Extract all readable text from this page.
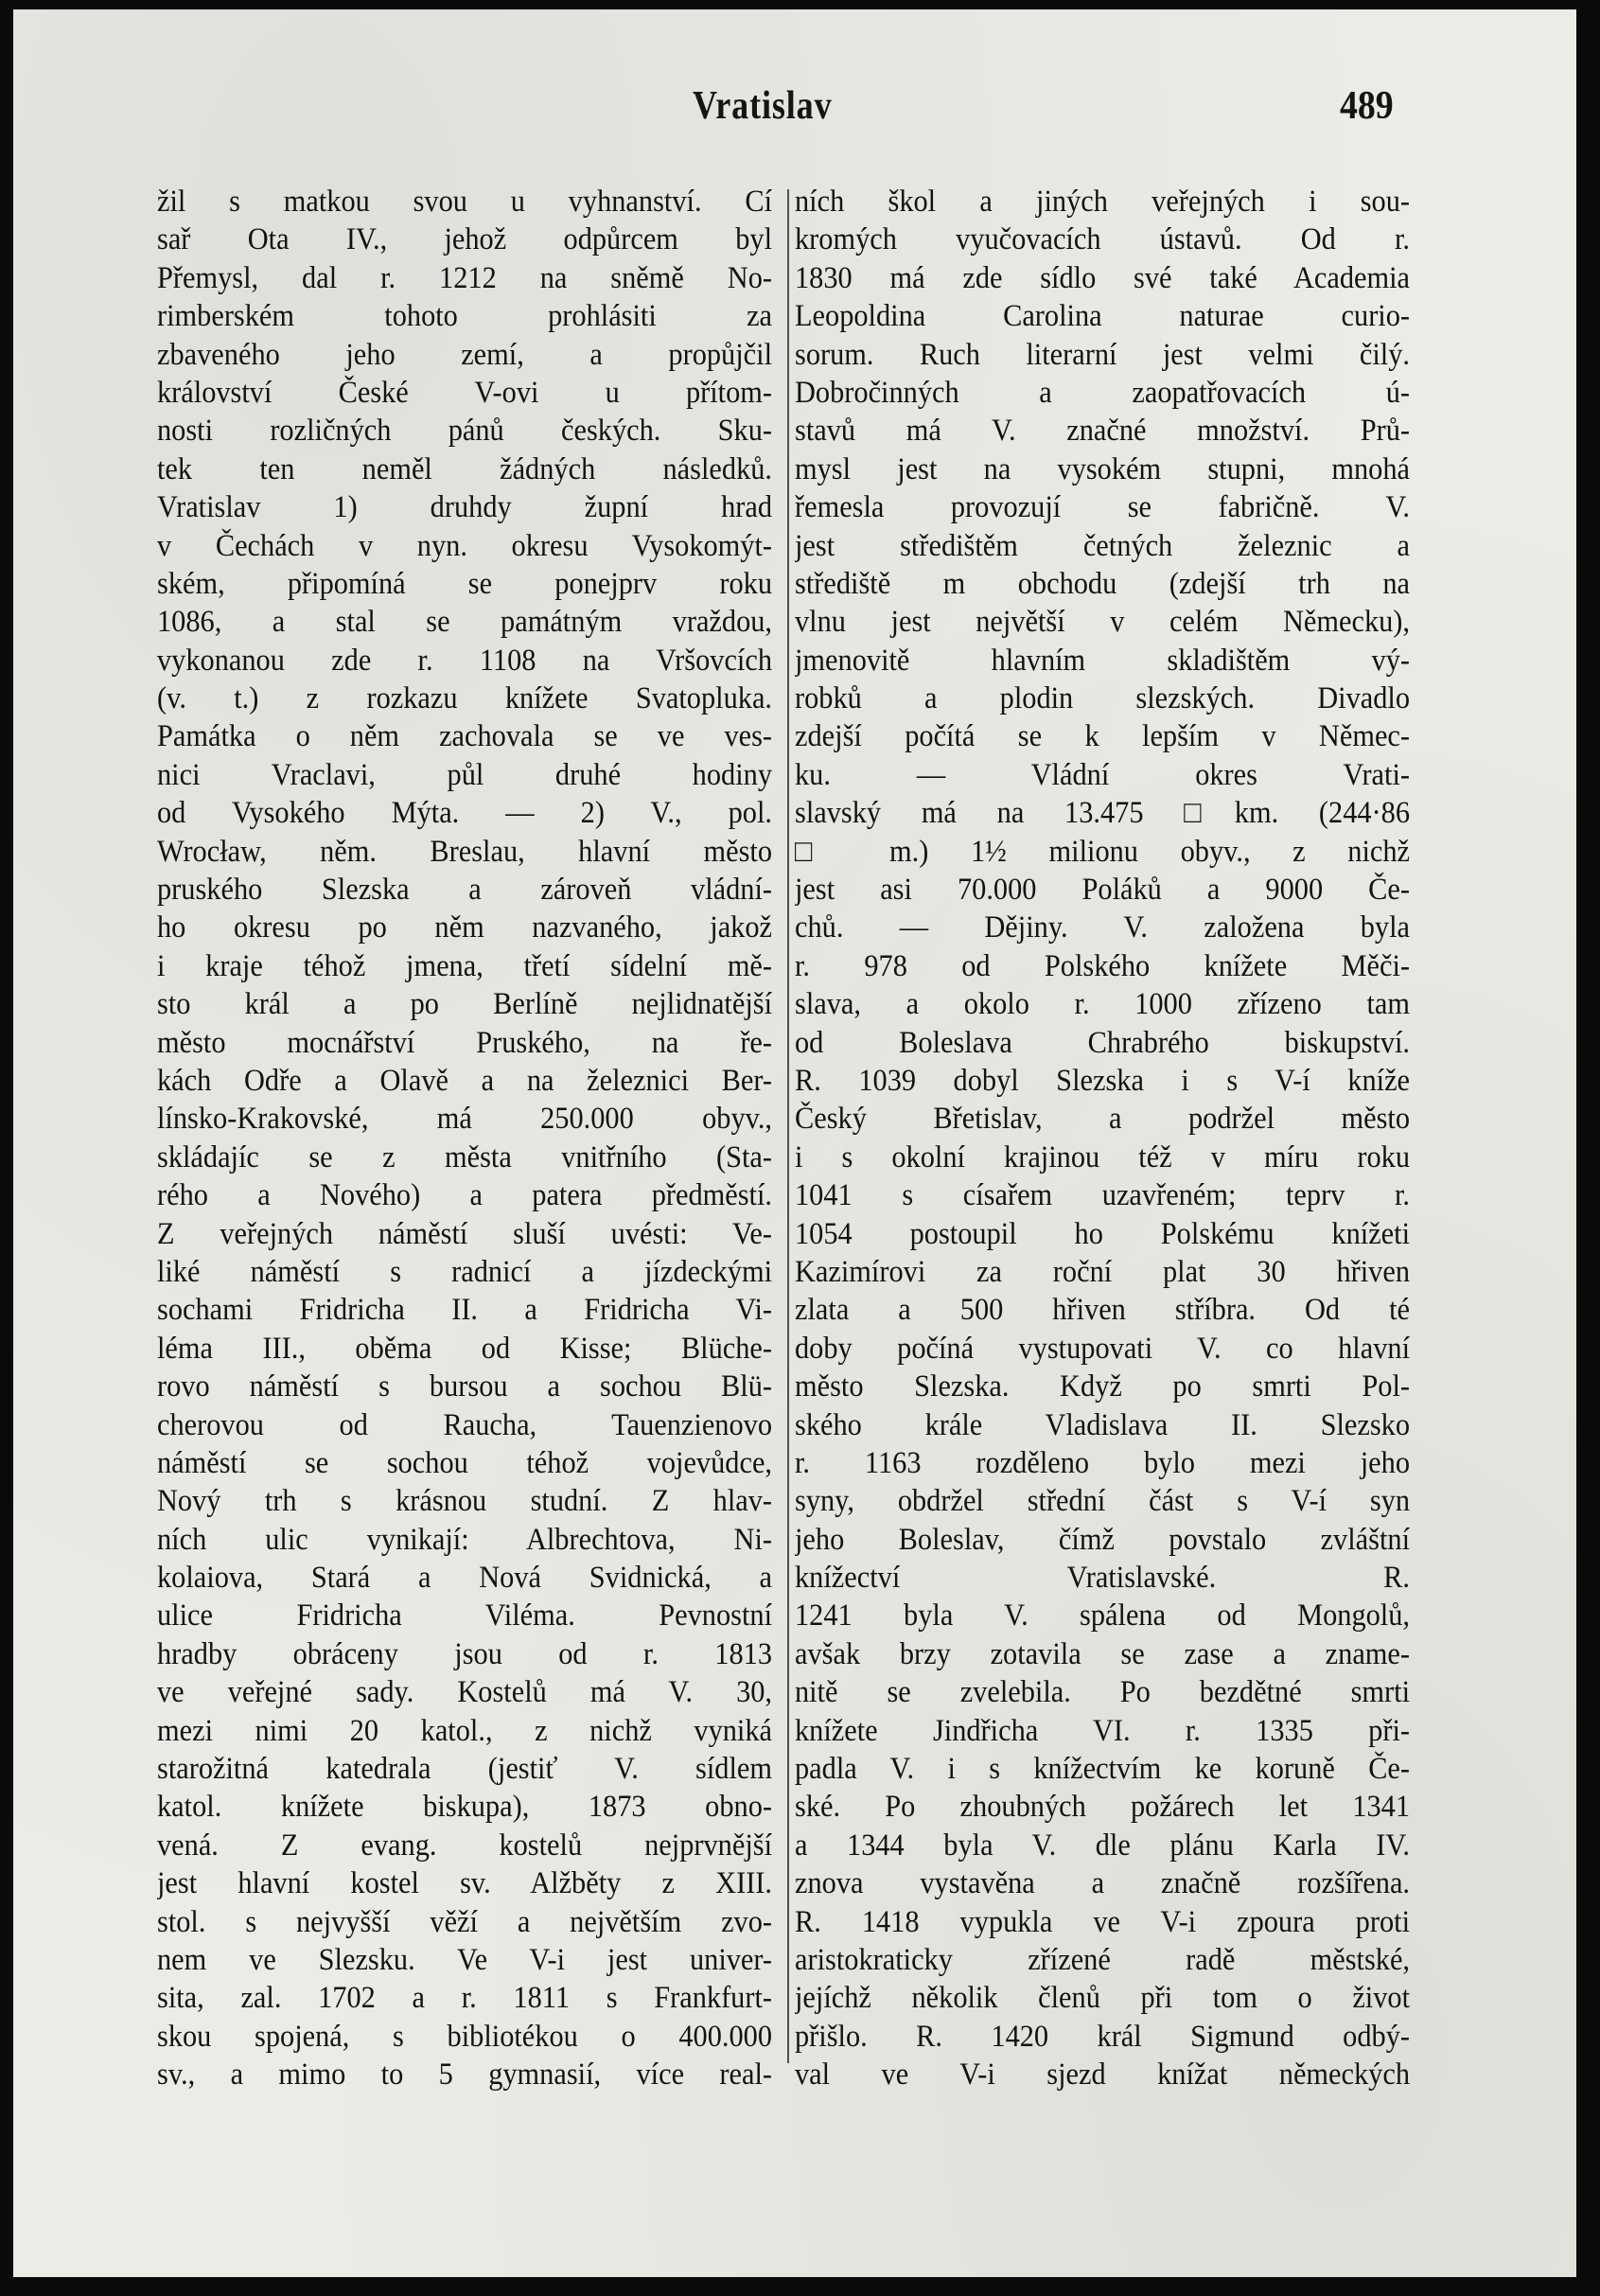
Vratislav	489
žil s matkou svou u vyhnanství. Cí
sař Ota IV., jehož odpůrcem byl
Přemysl, dal r. 1212 na sněmě No-
rimberském tohoto prohlásiti za
zbaveného jeho zemí, a propůjčil
království České V-ovi u přítom-
nosti rozličných pánů českých. Sku-
tek ten neměl žádných následků.
Vratislav 1) druhdy župní hrad
v Čechách v nyn. okresu Vysokomýt-
ském, připomíná se ponejprv roku
1086, a stal se památným vraždou,
vykonanou zde r. 1108 na Vršovcích
(v. t.) z rozkazu knížete Svatopluka.
Památka o něm zachovala se ve ves-
nici Vraclavi, půl druhé hodiny
od Vysokého Mýta. — 2) V., pol.
Wrocław, něm. Breslau, hlavní město
pruského Slezska a zároveň vládní-
ho okresu po něm nazvaného, jakož
i kraje téhož jmena, třetí sídelní mě-
sto král a po Berlíně nejlidnatější
město mocnářství Pruského, na ře-
kách Odře a Olavě a na železnici Ber-
línsko-Krakovské, má 250.000 obyv.,
skládajíc se z města vnitřního (Sta-
rého a Nového) a patera předměstí.
Z veřejných náměstí sluší uvésti: Ve-
liké náměstí s radnicí a jízdeckými
sochami Fridricha II. a Fridricha Vi-
léma III., oběma od Kisse; Blüche-
rovo náměstí s bursou a sochou Blü-
cherovou od Raucha, Tauenzienovo
náměstí se sochou téhož vojevůdce,
Nový trh s krásnou studní. Z hlav-
ních ulic vynikají: Albrechtova, Ni-
kolaiova, Stará a Nová Svidnická, a
ulice Fridricha Viléma. Pevnostní
hradby obráceny jsou od r. 1813
ve veřejné sady. Kostelů má V. 30,
mezi nimi 20 katol., z nichž vyniká
starožitná katedrala (jestiť V. sídlem
katol. knížete biskupa), 1873 obno-
vená. Z evang. kostelů nejprvnější
jest hlavní kostel sv. Alžběty z XIII.
stol. s nejvyšší věží a největším zvo-
nem ve Slezsku. Ve V-i jest univer-
sita, zal. 1702 a r. 1811 s Frankfurt-
skou spojená, s bibliotékou o 400.000
sv., a mimo to 5 gymnasií, více real-
ních škol a jiných veřejných i sou-
kromých vyučovacích ústavů. Od r.
1830 má zde sídlo své také Academia
Leopoldina Carolina naturae curio-
sorum. Ruch literarní jest velmi čilý.
Dobročinných a zaopatřovacích ú-
stavů má V. značné množství. Prů-
mysl jest na vysokém stupni, mnohá
řemesla provozují se fabričně. V.
jest středištěm četných železnic a
střediště m obchodu (zdejší trh na
vlnu jest největší v celém Německu),
jmenovitě hlavním skladištěm vý-
robků a plodin slezských. Divadlo
zdejší počítá se k lepším v Němec-
ku. — Vládní okres Vrati-
slavský má na 13.475 □km. (244·86
□ m.) 1½ milionu obyv., z nichž
jest asi 70.000 Poláků a 9000 Če-
chů. — Dějiny. V. založena byla
r. 978 od Polského knížete Měči-
slava, a okolo r. 1000 zřízeno tam
od Boleslava Chrabrého biskupství.
R. 1039 dobyl Slezska i s V-í kníže
Český Břetislav, a podržel město
i s okolní krajinou též v míru roku
1041 s císařem uzavřeném; teprv r.
1054 postoupil ho Polskému knížeti
Kazimírovi za roční plat 30 hřiven
zlata a 500 hřiven stříbra. Od té
doby počíná vystupovati V. co hlavní
město Slezska. Když po smrti Pol-
ského krále Vladislava II. Slezsko
r. 1163 rozděleno bylo mezi jeho
syny, obdržel střední část s V-í syn
jeho Boleslav, čímž povstalo zvláštní
knížectví Vratislavské. R.
1241 byla V. spálena od Mongolů,
avšak brzy zotavila se zase a zname-
nitě se zvelebila. Po bezdětné smrti
knížete Jindřicha VI. r. 1335 při-
padla V. i s knížectvím ke koruně Če-
ské. Po zhoubných požárech let 1341
a 1344 byla V. dle plánu Karla IV.
znova vystavěna a značně rozšířena.
R. 1418 vypukla ve V-i zpoura proti
aristokraticky zřízené radě městské,
jejíchž několik členů při tom o život
přišlo. R. 1420 král Sigmund odbý-
val ve V-i sjezd knížat německých
